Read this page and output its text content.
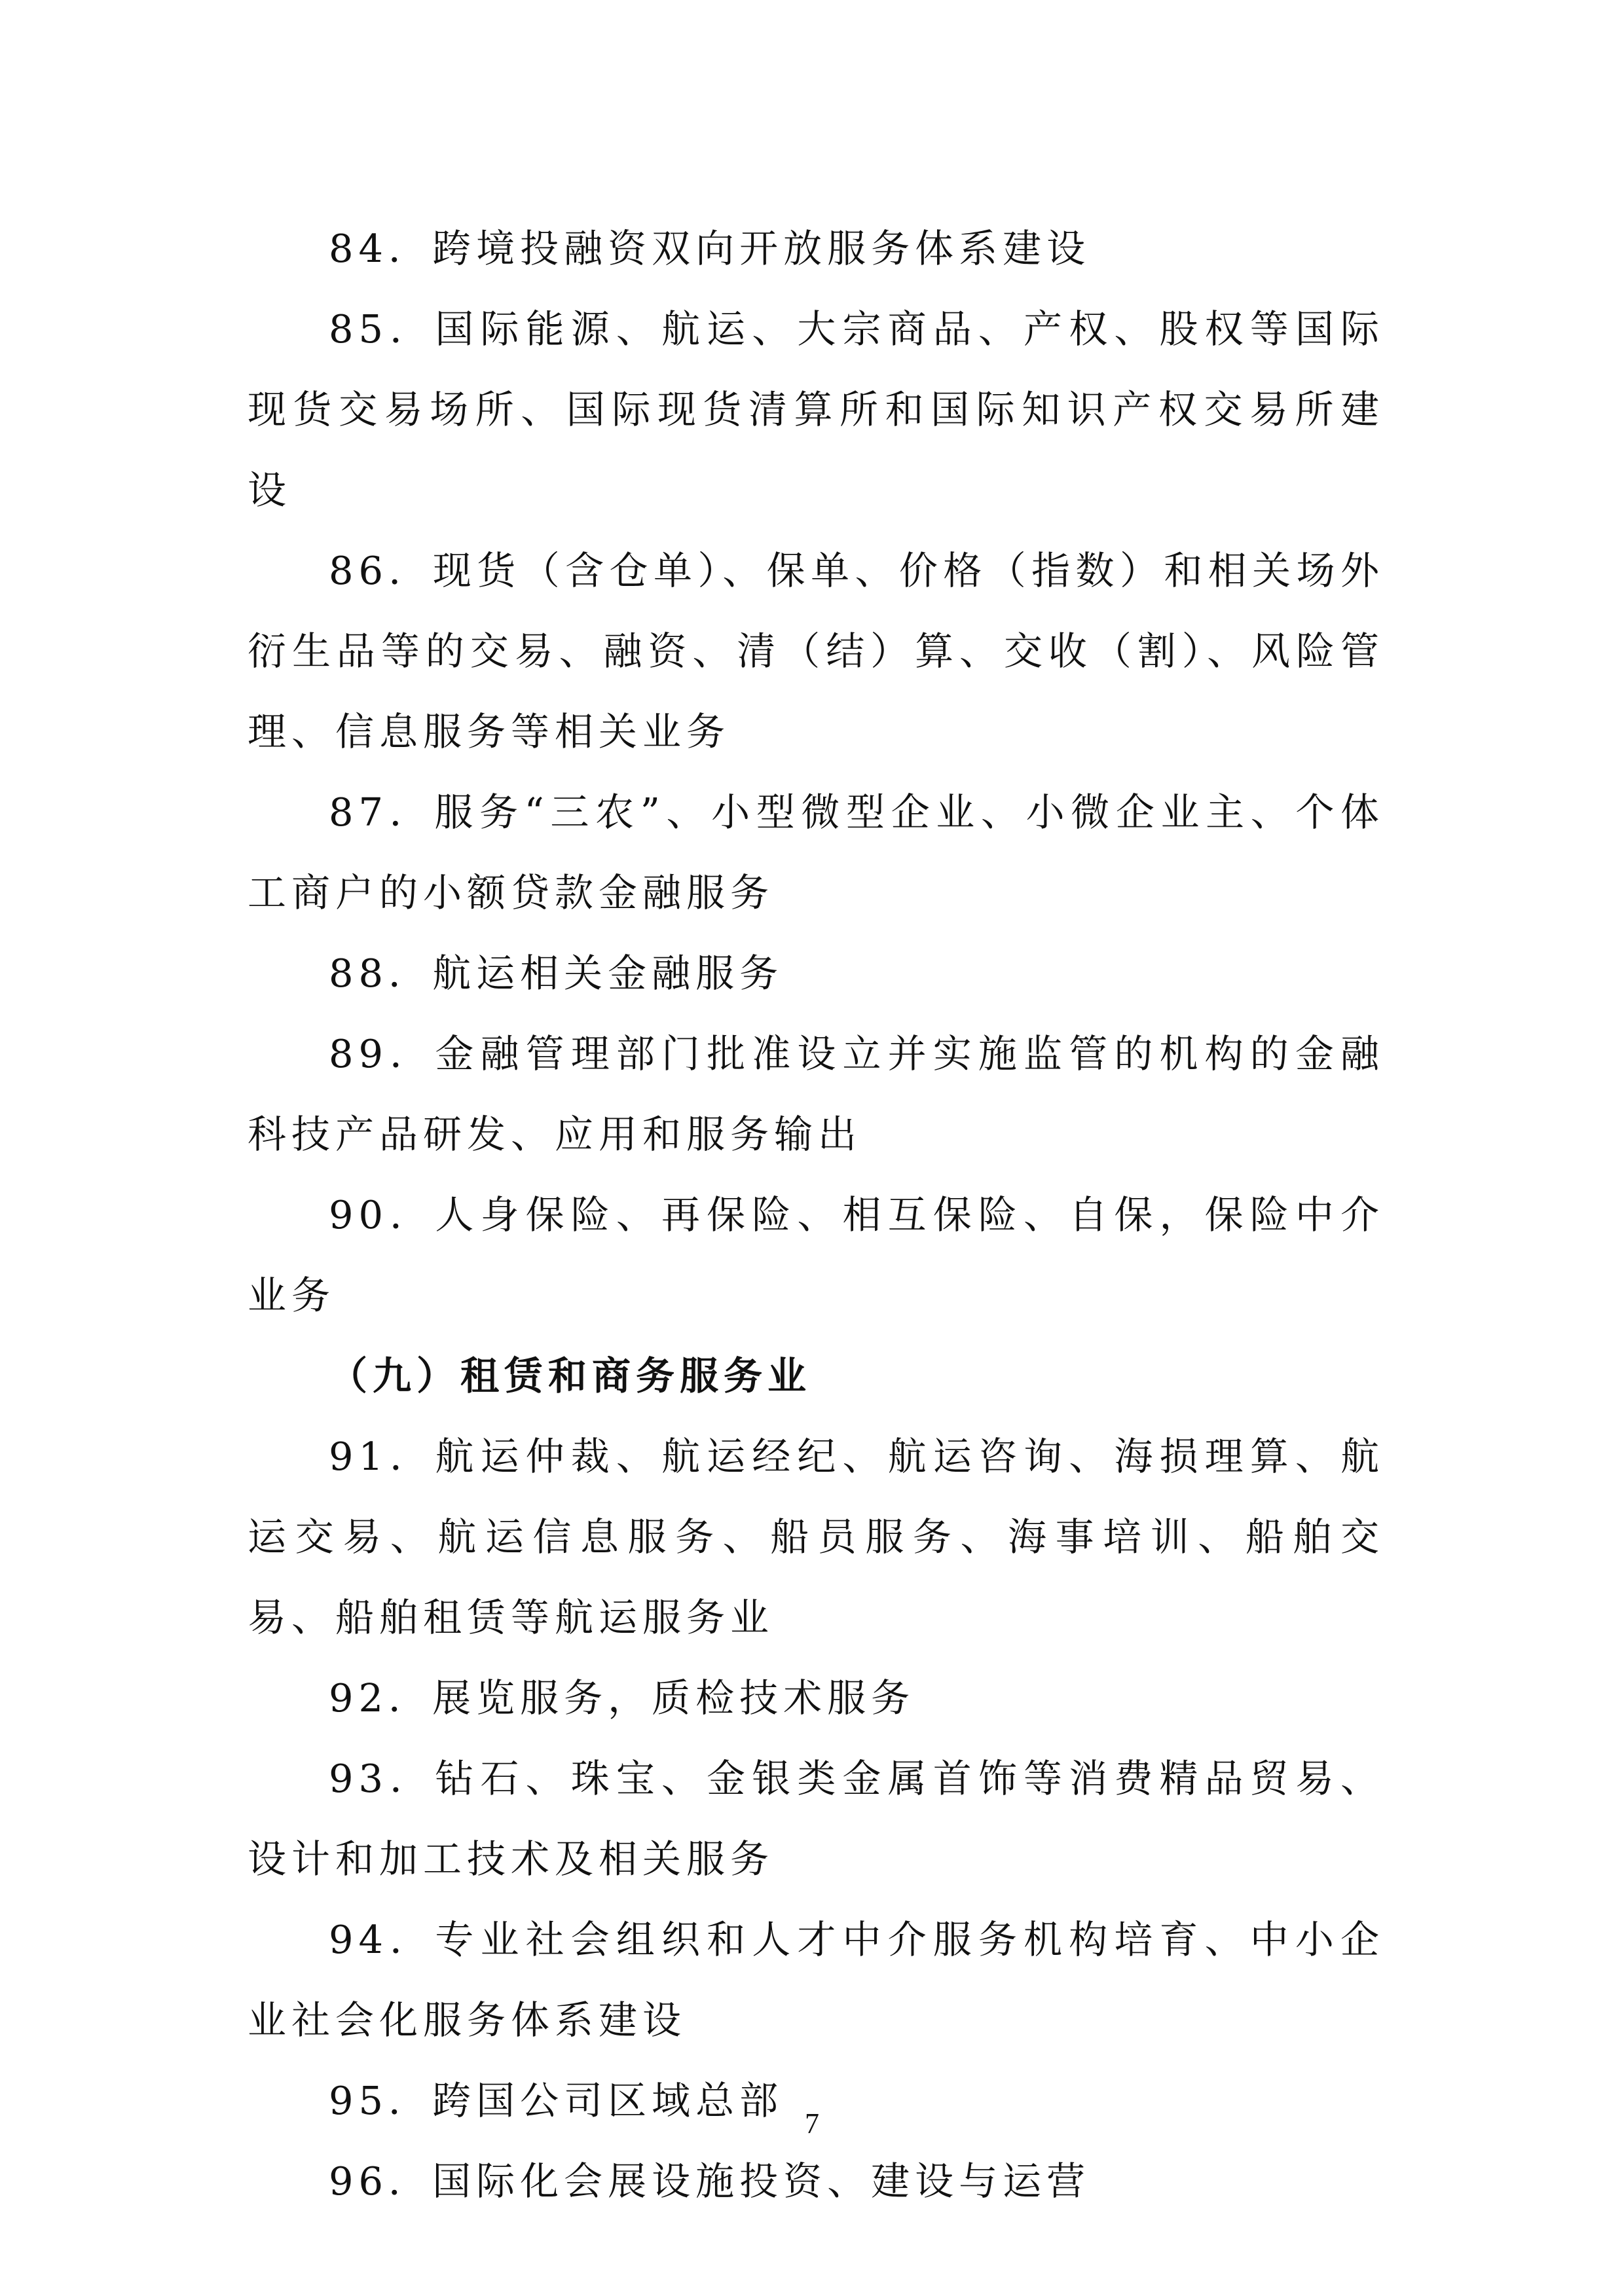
84．跨境投融资双向开放服务体系建设

85．国际能源、航运、大宗商品、产权、股权等国际现货交易场所、国际现货清算所和国际知识产权交易所建设

86．现货（含仓单）、保单、价格（指数）和相关场外衍生品等的交易、融资、清（结）算、交收（割）、风险管理、信息服务等相关业务

87．服务“三农”、小型微型企业、小微企业主、个体工商户的小额贷款金融服务

88．航运相关金融服务

89．金融管理部门批准设立并实施监管的机构的金融科技产品研发、应用和服务输出

90．人身保险、再保险、相互保险、自保，保险中介业务

（九）租赁和商务服务业

91．航运仲裁、航运经纪、航运咨询、海损理算、航运交易、航运信息服务、船员服务、海事培训、船舶交易、船舶租赁等航运服务业

92．展览服务，质检技术服务

93．钻石、珠宝、金银类金属首饰等消费精品贸易、设计和加工技术及相关服务

94．专业社会组织和人才中介服务机构培育、中小企业社会化服务体系建设

95．跨国公司区域总部

96．国际化会展设施投资、建设与运营

7
